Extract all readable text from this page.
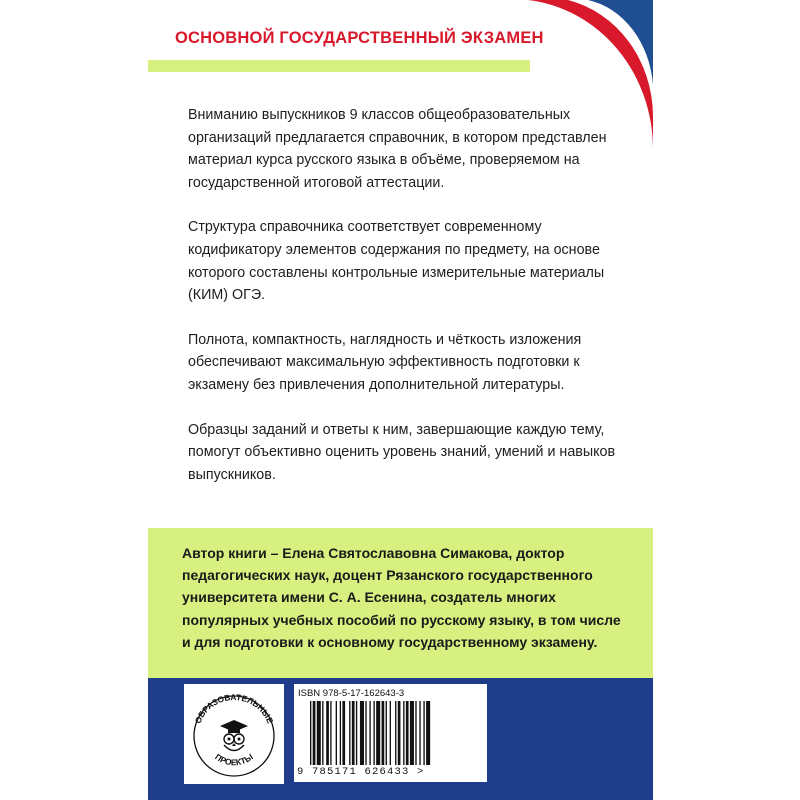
ОСНОВНОЙ ГОСУДАРСТВЕННЫЙ ЭКЗАМЕН

Вниманию выпускников 9 классов общеобразовательных организаций предлагается справочник, в котором представлен материал курса русского языка в объёме, проверяемом на государственной итоговой аттестации.

Структура справочника соответствует современному кодификатору элементов содержания по предмету, на основе которого составлены контрольные измерительные материалы (КИМ) ОГЭ.

Полнота, компактность, наглядность и чёткость изложения обеспечивают максимальную эффективность подготовки к экзамену без привлечения дополнительной литературы.

Образцы заданий и ответы к ним, завершающие каждую тему, помогут объективно оценить уровень знаний, умений и навыков выпускников.

Автор книги – Елена Святославовна Симакова, доктор педагогических наук, доцент Рязанского государственного университета имени С. А. Есенина, создатель многих популярных учебных пособий по русскому языку, в том числе и для подготовки к основному государственному экзамену.
ОБРАЗОВАТЕЛЬНЫЕ
ПРОЕКТЫ
ISBN 978-5-17-162643-3
9 785171 626433 >
